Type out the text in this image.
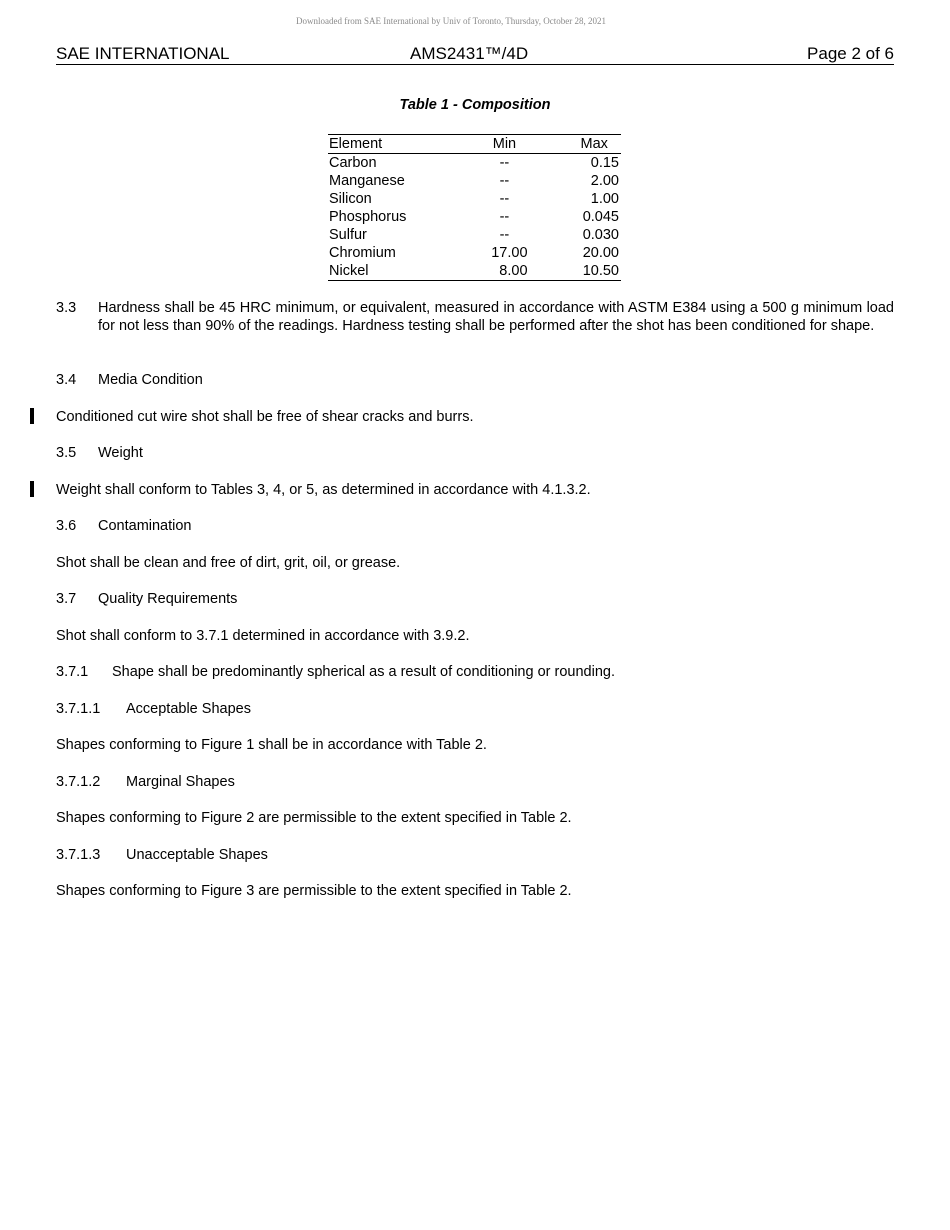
Downloaded from SAE International by Univ of Toronto, Thursday, October 28, 2021
SAE INTERNATIONAL	AMS2431™/4D	Page 2 of 6
Table 1 - Composition
Element	Min	Max
Carbon	--	0.15
Manganese	--	2.00
Silicon	--	1.00
Phosphorus	--	0.045
Sulfur	--	0.030
Chromium	17.00	20.00
Nickel	8.00	10.50
3.3 Hardness shall be 45 HRC minimum, or equivalent, measured in accordance with ASTM E384 using a 500 g minimum load for not less than 90% of the readings. Hardness testing shall be performed after the shot has been conditioned for shape.
3.4 Media Condition
Conditioned cut wire shot shall be free of shear cracks and burrs.
3.5 Weight
Weight shall conform to Tables 3, 4, or 5, as determined in accordance with 4.1.3.2.
3.6 Contamination
Shot shall be clean and free of dirt, grit, oil, or grease.
3.7 Quality Requirements
Shot shall conform to 3.7.1 determined in accordance with 3.9.2.
3.7.1 Shape shall be predominantly spherical as a result of conditioning or rounding.
3.7.1.1 Acceptable Shapes
Shapes conforming to Figure 1 shall be in accordance with Table 2.
3.7.1.2 Marginal Shapes
Shapes conforming to Figure 2 are permissible to the extent specified in Table 2.
3.7.1.3 Unacceptable Shapes
Shapes conforming to Figure 3 are permissible to the extent specified in Table 2.
